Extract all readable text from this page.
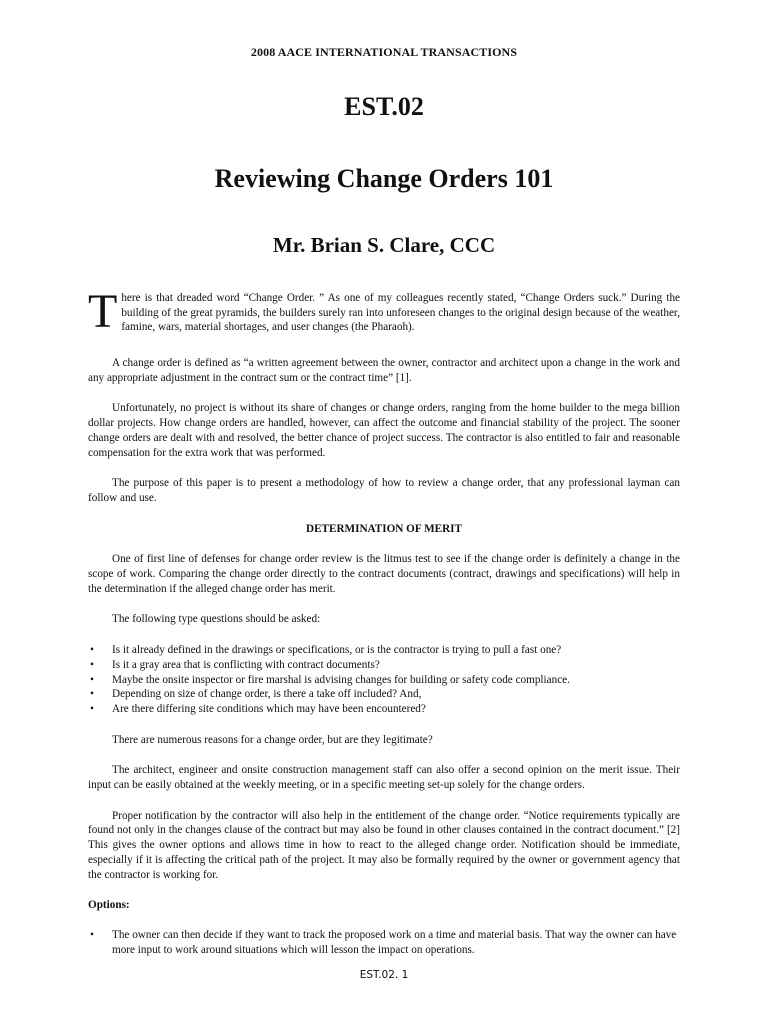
2008 AACE INTERNATIONAL TRANSACTIONS
EST.02
Reviewing Change Orders 101
Mr. Brian S. Clare, CCC
T here is that dreaded word “Change Order. ” As one of my colleagues recently stated, “Change Orders suck.” During the building of the great pyramids, the builders surely ran into unforeseen changes to the original design because of the weather, famine, wars, material shortages, and user changes (the Pharaoh).

A change order is defined as “a written agreement between the owner, contractor and architect upon a change in the work and any appropriate adjustment in the contract sum or the contract time” [1].

Unfortunately, no project is without its share of changes or change orders, ranging from the home builder to the mega billion dollar projects. How change orders are handled, however, can affect the outcome and financial stability of the project. The sooner change orders are dealt with and resolved, the better chance of project success. The contractor is also entitled to fair and reasonable compensation for the extra work that was performed.

The purpose of this paper is to present a methodology of how to review a change order, that any professional layman can follow and use.

DETERMINATION OF MERIT

One of first line of defenses for change order review is the litmus test to see if the change order is definitely a change in the scope of work. Comparing the change order directly to the contract documents (contract, drawings and specifications) will help in the determination if the alleged change order has merit.

The following type questions should be asked:

• Is it already defined in the drawings or specifications, or is the contractor is trying to pull a fast one?
• Is it a gray area that is conflicting with contract documents?
• Maybe the onsite inspector or fire marshal is advising changes for building or safety code compliance.
• Depending on size of change order, is there a take off included? And,
• Are there differing site conditions which may have been encountered?

There are numerous reasons for a change order, but are they legitimate?

The architect, engineer and onsite construction management staff can also offer a second opinion on the merit issue. Their input can be easily obtained at the weekly meeting, or in a specific meeting set-up solely for the change orders.

Proper notification by the contractor will also help in the entitlement of the change order. “Notice requirements typically are found not only in the changes clause of the contract but may also be found in other clauses contained in the contract document.” [2] This gives the owner options and allows time in how to react to the alleged change order. Notification should be immediate, especially if it is affecting the critical path of the project. It may also be formally required by the owner or government agency that the contractor is working for.

Options:
• The owner can then decide if they want to track the proposed work on a time and material basis. That way the owner can have more input to work around situations which will lesson the impact on operations.
EST.02. 1
